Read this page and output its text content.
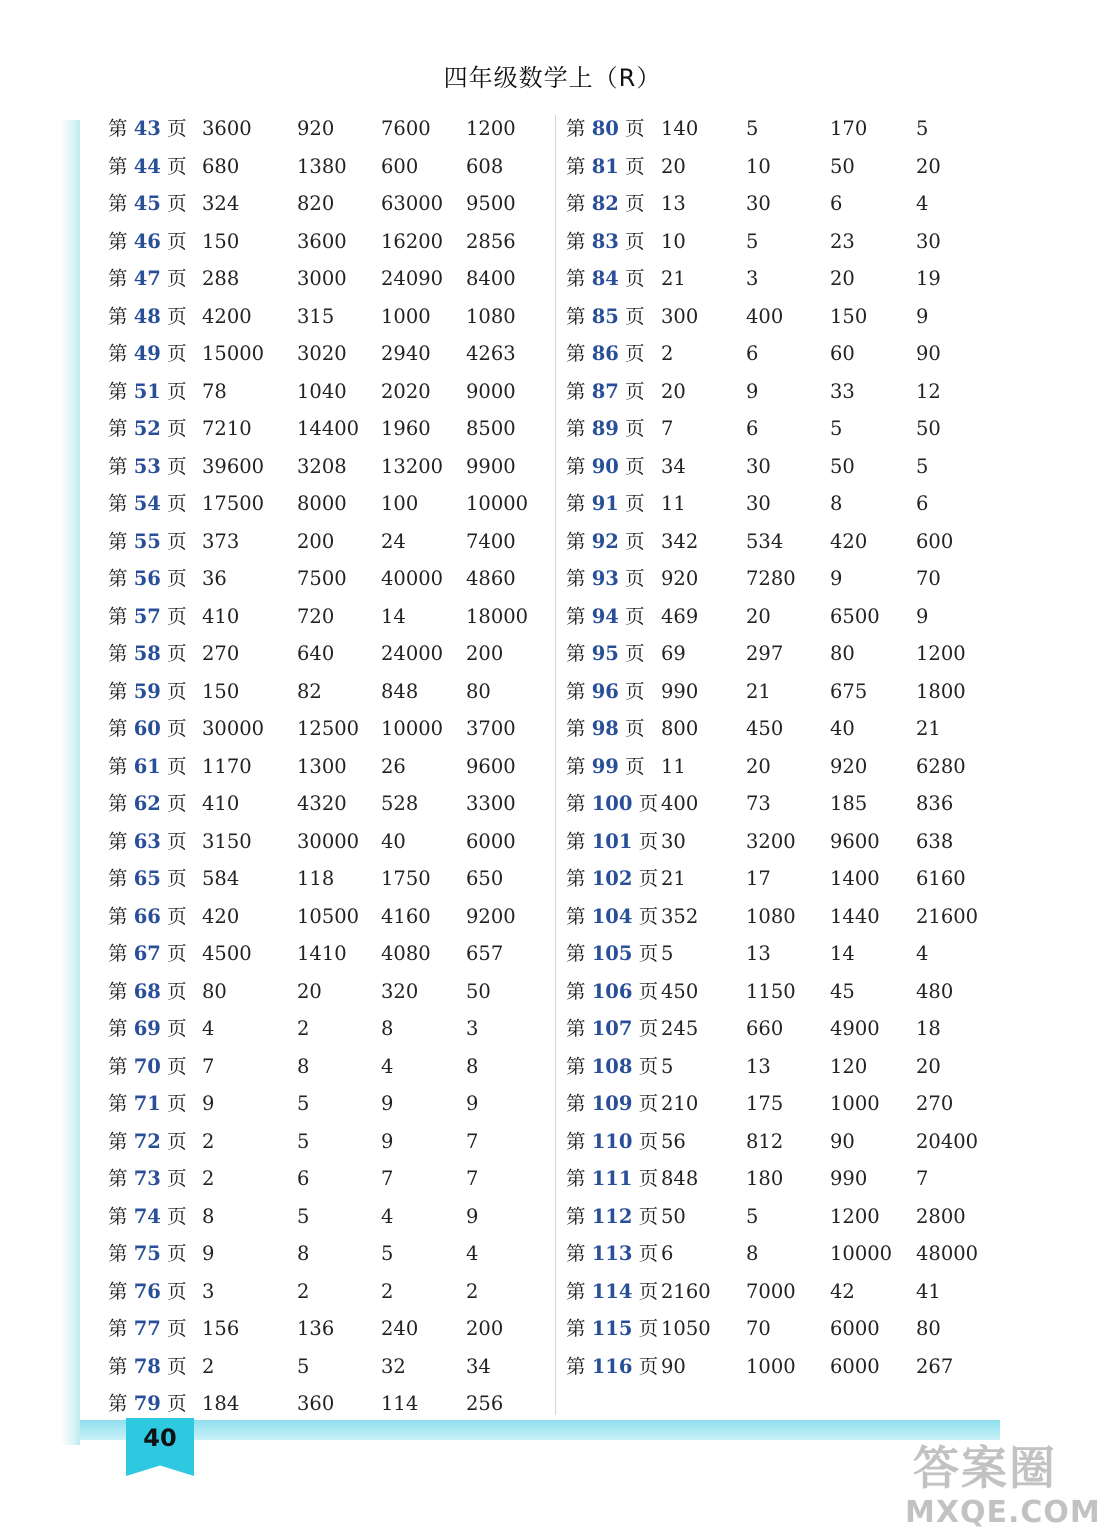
四年级数学上（R）
第 43 页 3600 920 7600 1200
第 44 页 680	1380 600 608
第 45 页 324	820 63000 9500
第 46 页 150	3600 16200 2856
第 47 页 288	3000 24090 8400
第 48 页 4200 315 1000 1080
第 49 页 15000 3020 2940 4263
第 51 页 78	1040 2020 9000
第 52 页 7210 14400 1960 8500
第 53 页 39600 3208 13200 9900
第 54 页 17500 8000 100 10000
第 55 页 373	200 24	7400
第 56 页 36	7500 40000 4860
第 57 页 410	720 14	18000
第 58 页 270	640 24000 200
第 59 页 150	82	848 80
第 60 页 30000 12500 10000 3700
第 61 页 1170 1300 26	9600
第 62 页 410	4320 528 3300
第 63 页 3150 30000 40	6000
第 65 页 584	118 1750 650
第 66 页 420	10500 4160 9200
第 67 页 4500 1410 4080 657
第 68 页 80	20	320 50
第 69 页 4	2	8	3
第 70 页 7	8	4	8
第 71 页 9	5	9	9
第 72 页 2	5	9	7
第 73 页 2	6	7	7
第 74 页 8	5	4	9
第 75 页 9	8	5	4
第 76 页 3	2	2	2
第 77 页 156	136 240 200
第 78 页 2	5	32	34
第 79 页 184	360 114 256
第 80 页 140 5	170	5
第 81 页 20	10	50	20
第 82 页 13	30	6	4
第 83 页 10	5	23	30
第 84 页 21	3	20	19
第 85 页 300 400 150	9
第 86 页 2	6	60	90
第 87 页 20	9	33	12
第 89 页 7	6	5	50
第 90 页 34	30	50	5
第 91 页 11	30	8	6
第 92 页 342 534 420	600
第 93 页 920 7280 9	70
第 94 页 469 20	6500 9
第 95 页 69	297 80	1200
第 96 页 990 21	675	1800
第 98 页 800 450 40	21
第 99 页 11	20	920	6280
第 100 页 400 73	185	836
第 101 页 30	3200 9600 638
第 102 页 21	17	1400 6160
第 104 页 352 1080 1440 21600
第 105 页 5	13	14	4
第 106 页 450 1150 45	480
第 107 页 245 660 4900 18
第 108 页 5	13	120	20
第 109 页 210 175 1000 270
第 110 页 56	812 90	20400
第 111 页 848 180 990	7
第 112 页 50	5	1200 2800
第 113 页 6	8	10000 48000
第 114 页 2160 7000 42	41
第 115 页 1050 70	6000 80
第 116 页 90	1000 6000 267
40
答案圈
MXQE.COM
